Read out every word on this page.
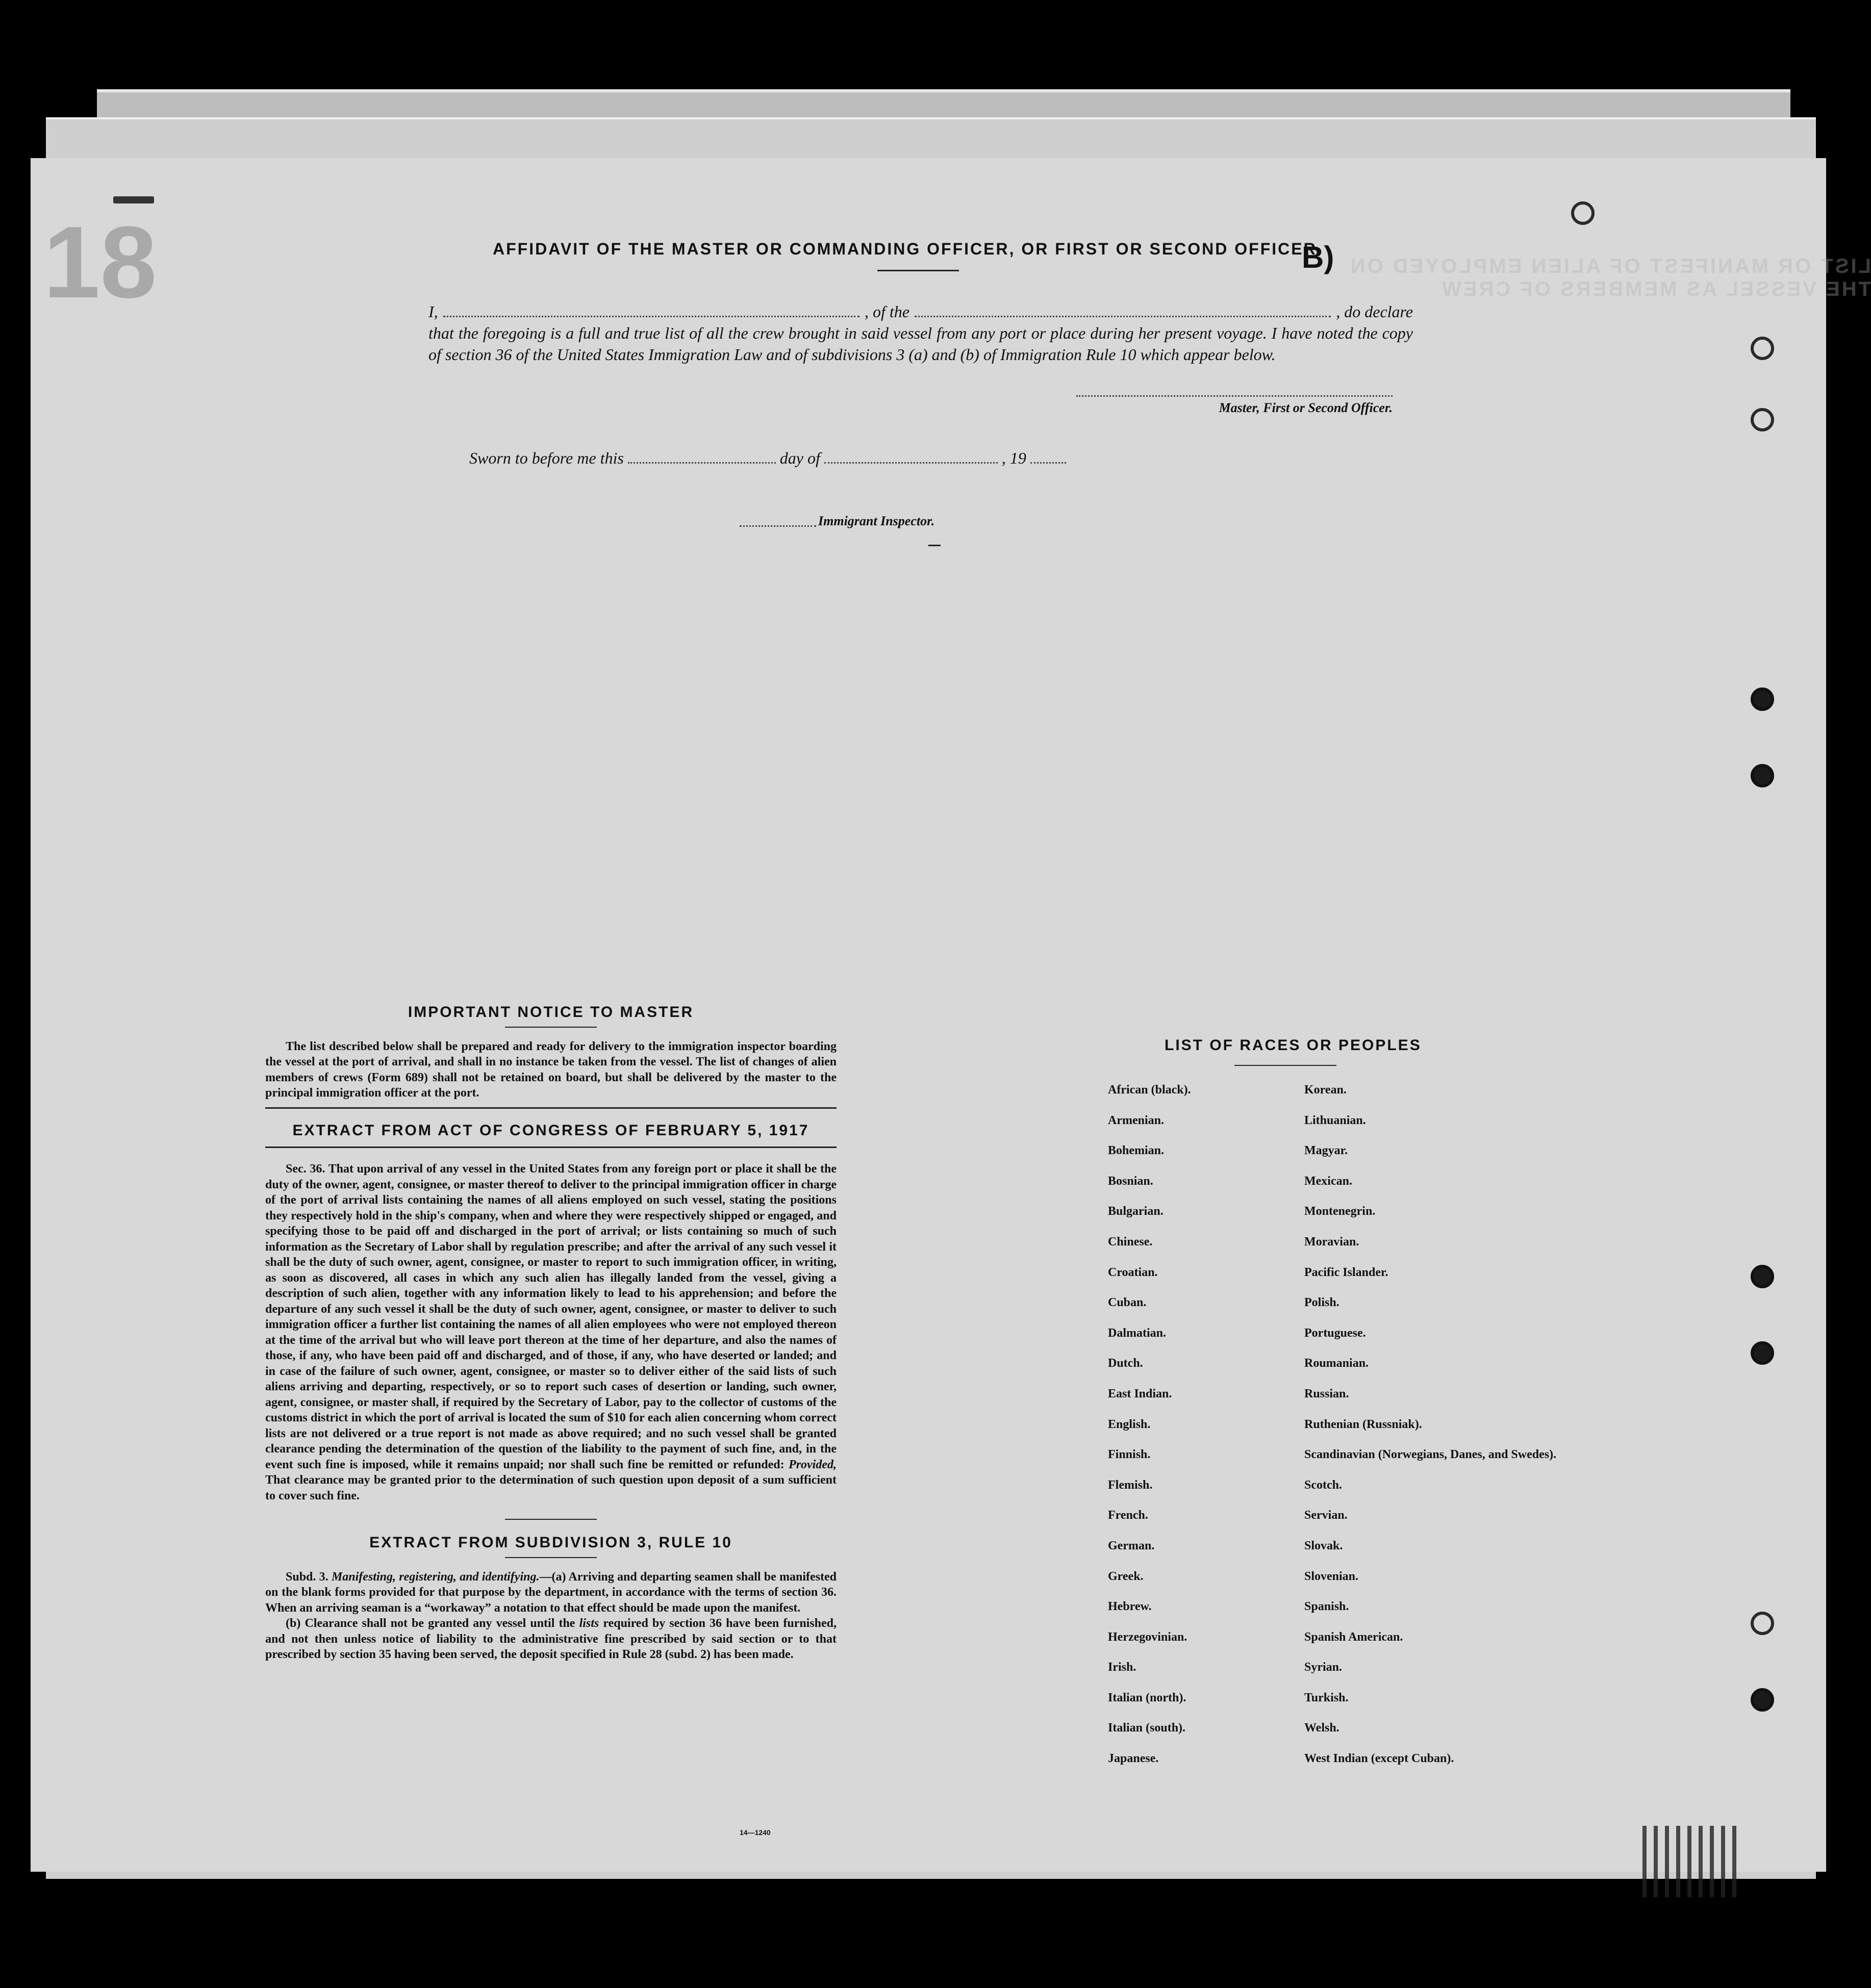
LIST OR MANIFEST OF ALIEN EMPLOYED ON THE VESSEL AS MEMBERS OF CREW
18	B)
AFFIDAVIT OF THE MASTER OR COMMANDING OFFICER, OR FIRST OR SECOND OFFICER
I,	, of the	, do declare
that the foregoing is a full and true list of all the crew brought in said vessel from any port or place during her present voyage. I have noted the copy of section 36 of the United States Immigration Law and of subdivisions 3 (a) and (b) of Immigration Rule 10 which appear below.
Master, First or Second Officer.
Sworn to before me this	day of	, 19
Immigrant Inspector.
IMPORTANT NOTICE TO MASTER

The list described below shall be prepared and ready for delivery to the immigration inspector boarding the vessel at the port of arrival, and shall in no instance be taken from the vessel. The list of changes of alien members of crews (Form 689) shall not be retained on board, but shall be delivered by the master to the principal immigration officer at the port.

EXTRACT FROM ACT OF CONGRESS OF FEBRUARY 5, 1917

Sec. 36. That upon arrival of any vessel in the United States from any foreign port or place it shall be the duty of the owner, agent, consignee, or master thereof to deliver to the principal immigration officer in charge of the port of arrival lists containing the names of all aliens employed on such vessel, stating the positions they respectively hold in the ship's company, when and where they were respectively shipped or engaged, and specifying those to be paid off and discharged in the port of arrival; or lists containing so much of such information as the Secretary of Labor shall by regulation prescribe; and after the arrival of any such vessel it shall be the duty of such owner, agent, consignee, or master to report to such immigration officer, in writing, as soon as discovered, all cases in which any such alien has illegally landed from the vessel, giving a description of such alien, together with any information likely to lead to his apprehension; and before the departure of any such vessel it shall be the duty of such owner, agent, consignee, or master to deliver to such immigration officer a further list containing the names of all alien employees who were not employed thereon at the time of the arrival but who will leave port thereon at the time of her departure, and also the names of those, if any, who have been paid off and discharged, and of those, if any, who have deserted or landed; and in case of the failure of such owner, agent, consignee, or master so to deliver either of the said lists of such aliens arriving and departing, respectively, or so to report such cases of desertion or landing, such owner, agent, consignee, or master shall, if required by the Secretary of Labor, pay to the collector of customs of the customs district in which the port of arrival is located the sum of $10 for each alien concerning whom correct lists are not delivered or a true report is not made as above required; and no such vessel shall be granted clearance pending the determination of the question of the liability to the payment of such fine, and, in the event such fine is imposed, while it remains unpaid; nor shall such fine be remitted or refunded: Provided, That clearance may be granted prior to the determination of such question upon deposit of a sum sufficient to cover such fine.

EXTRACT FROM SUBDIVISION 3, RULE 10

Subd. 3. Manifesting, registering, and identifying.—(a) Arriving and departing seamen shall be manifested on the blank forms provided for that purpose by the department, in accordance with the terms of section 36. When an arriving seaman is a “workaway” a notation to that effect should be made upon the manifest.

(b) Clearance shall not be granted any vessel until the lists required by section 36 have been furnished, and not then unless notice of liability to the administrative fine prescribed by said section or to that prescribed by section 35 having been served, the deposit specified in Rule 28 (subd. 2) has been made.

14—1240
LIST OF RACES OR PEOPLES
African (black).	Korean.
Armenian.	Lithuanian.
Bohemian.	Magyar.
Bosnian.	Mexican.
Bulgarian.	Montenegrin.
Chinese.	Moravian.
Croatian.	Pacific Islander.
Cuban.	Polish.
Dalmatian.	Portuguese.
Dutch.	Roumanian.
East Indian.	Russian.
English.	Ruthenian (Russniak).
Finnish.	Scandinavian (Norwegians, Danes, and Swedes).
Flemish.	Scotch.
French.	Servian.
German.	Slovak.
Greek.	Slovenian.
Hebrew.	Spanish.
Herzegovinian.	Spanish American.
Irish.	Syrian.
Italian (north).	Turkish.
Italian (south).	Welsh.
Japanese.	West Indian (except Cuban).
